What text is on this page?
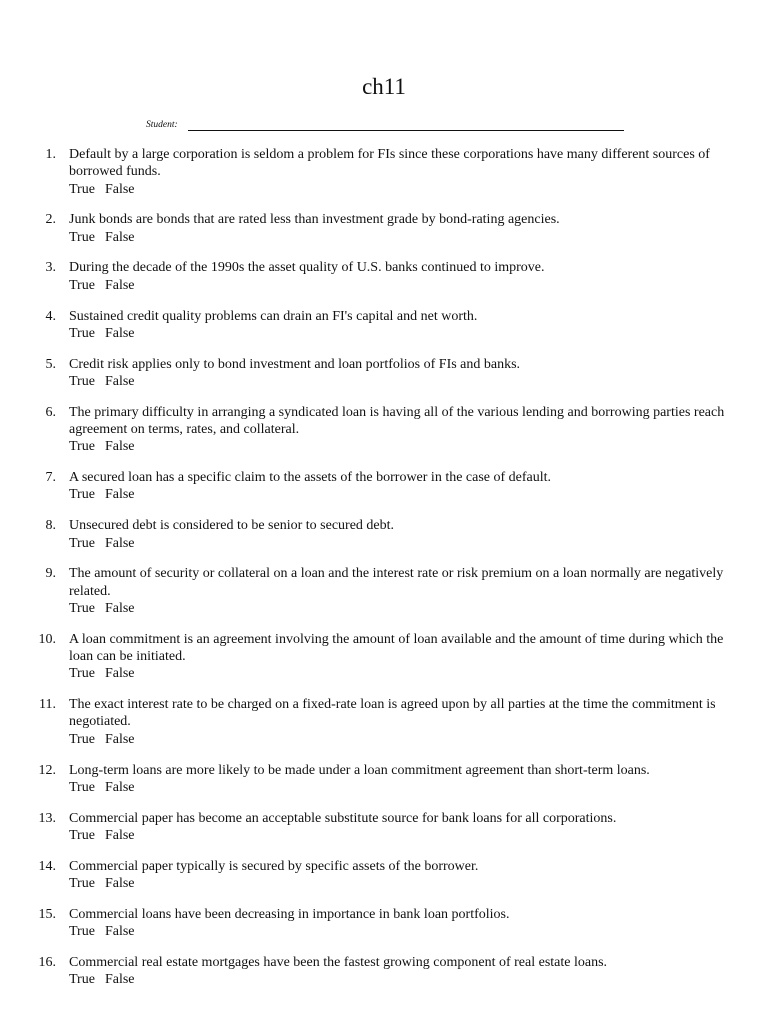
ch11
Student:
1. Default by a large corporation is seldom a problem for FIs since these corporations have many different sources of borrowed funds.
True False
2. Junk bonds are bonds that are rated less than investment grade by bond-rating agencies.
True False
3. During the decade of the 1990s the asset quality of U.S. banks continued to improve.
True False
4. Sustained credit quality problems can drain an FI's capital and net worth.
True False
5. Credit risk applies only to bond investment and loan portfolios of FIs and banks.
True False
6. The primary difficulty in arranging a syndicated loan is having all of the various lending and borrowing parties reach agreement on terms, rates, and collateral.
True False
7. A secured loan has a specific claim to the assets of the borrower in the case of default.
True False
8. Unsecured debt is considered to be senior to secured debt.
True False
9. The amount of security or collateral on a loan and the interest rate or risk premium on a loan normally are negatively related.
True False
10. A loan commitment is an agreement involving the amount of loan available and the amount of time during which the loan can be initiated.
True False
11. The exact interest rate to be charged on a fixed-rate loan is agreed upon by all parties at the time the commitment is negotiated.
True False
12. Long-term loans are more likely to be made under a loan commitment agreement than short-term loans.
True False
13. Commercial paper has become an acceptable substitute source for bank loans for all corporations.
True False
14. Commercial paper typically is secured by specific assets of the borrower.
True False
15. Commercial loans have been decreasing in importance in bank loan portfolios.
True False
16. Commercial real estate mortgages have been the fastest growing component of real estate loans.
True False
